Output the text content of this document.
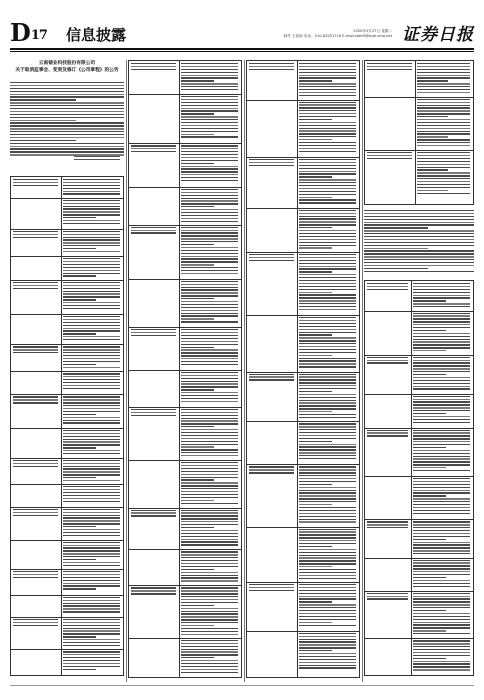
D17 信息披露	2020年5月27日 星期二
制作 王春雨 电话：010-83251716 E-mail:zqrb9@zqrb.sina.net 证券日报
云南锗业科技股份有限公司
关于取消监事会、变更及修订《公司章程》的公告
